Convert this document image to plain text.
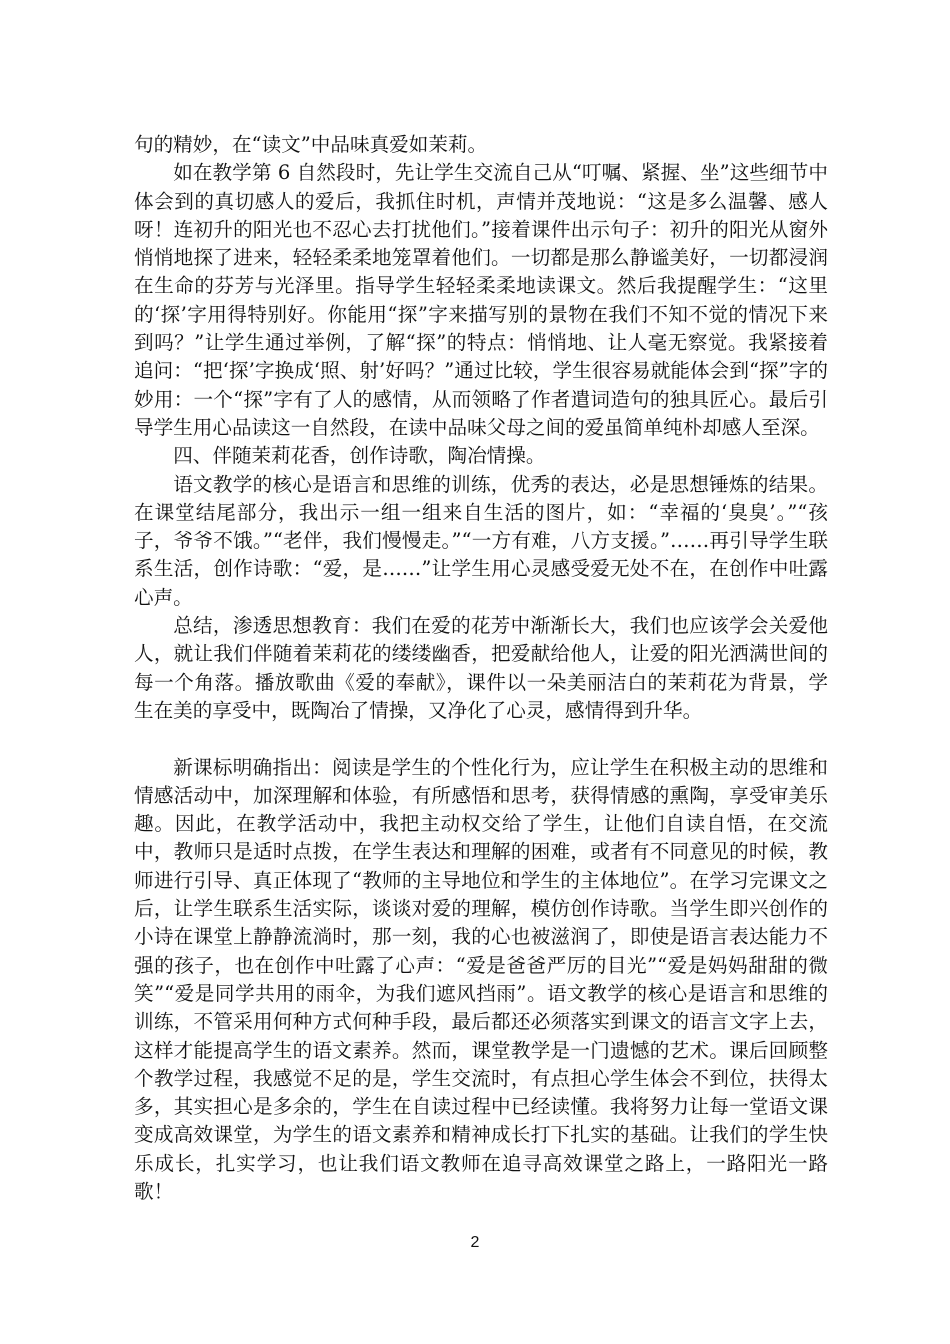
句的精妙，在“读文”中品味真爱如茉莉。

如在教学第 6 自然段时，先让学生交流自己从“叮嘱、紧握、坐”这些细节中体会到的真切感人的爱后，我抓住时机，声情并茂地说：“这是多么温馨、感人呀！连初升的阳光也不忍心去打扰他们。”接着课件出示句子：初升的阳光从窗外悄悄地探了进来，轻轻柔柔地笼罩着他们。一切都是那么静谧美好，一切都浸润在生命的芬芳与光泽里。指导学生轻轻柔柔地读课文。然后我提醒学生：“这里的‘探’字用得特别好。你能用“探”字来描写别的景物在我们不知不觉的情况下来到吗？”让学生通过举例，了解“探”的特点：悄悄地、让人毫无察觉。我紧接着追问：“把‘探’字换成‘照、射’好吗？”通过比较，学生很容易就能体会到“探”字的妙用：一个“探”字有了人的感情，从而领略了作者遣词造句的独具匠心。最后引导学生用心品读这一自然段，在读中品味父母之间的爱虽简单纯朴却感人至深。

四、伴随茉莉花香，创作诗歌，陶冶情操。

语文教学的核心是语言和思维的训练，优秀的表达，必是思想锤炼的结果。在课堂结尾部分，我出示一组一组来自生活的图片，如：“幸福的‘臭臭’。”“孩子，爷爷不饿。”“老伴，我们慢慢走。”“一方有难，八方支援。”……再引导学生联系生活，创作诗歌：“爱，是……”让学生用心灵感受爱无处不在，在创作中吐露心声。

总结，渗透思想教育：我们在爱的花芳中渐渐长大，我们也应该学会关爱他人，就让我们伴随着茉莉花的缕缕幽香，把爱献给他人，让爱的阳光洒满世间的每一个角落。播放歌曲《爱的奉献》，课件以一朵美丽洁白的茉莉花为背景，学生在美的享受中，既陶冶了情操，又净化了心灵，感情得到升华。

新课标明确指出：阅读是学生的个性化行为，应让学生在积极主动的思维和情感活动中，加深理解和体验，有所感悟和思考，获得情感的熏陶，享受审美乐趣。因此，在教学活动中，我把主动权交给了学生，让他们自读自悟，在交流中，教师只是适时点拨，在学生表达和理解的困难，或者有不同意见的时候，教师进行引导、真正体现了“教师的主导地位和学生的主体地位”。在学习完课文之后，让学生联系生活实际，谈谈对爱的理解，模仿创作诗歌。当学生即兴创作的小诗在课堂上静静流淌时，那一刻，我的心也被滋润了，即使是语言表达能力不强的孩子，也在创作中吐露了心声：“爱是爸爸严厉的目光”“爱是妈妈甜甜的微笑”“爱是同学共用的雨伞，为我们遮风挡雨”。语文教学的核心是语言和思维的训练，不管采用何种方式何种手段，最后都还必须落实到课文的语言文字上去，这样才能提高学生的语文素养。然而，课堂教学是一门遗憾的艺术。课后回顾整个教学过程，我感觉不足的是，学生交流时，有点担心学生体会不到位，扶得太多，其实担心是多余的，学生在自读过程中已经读懂。我将努力让每一堂语文课变成高效课堂，为学生的语文素养和精神成长打下扎实的基础。让我们的学生快乐成长，扎实学习，也让我们语文教师在追寻高效课堂之路上，一路阳光一路歌！

2
